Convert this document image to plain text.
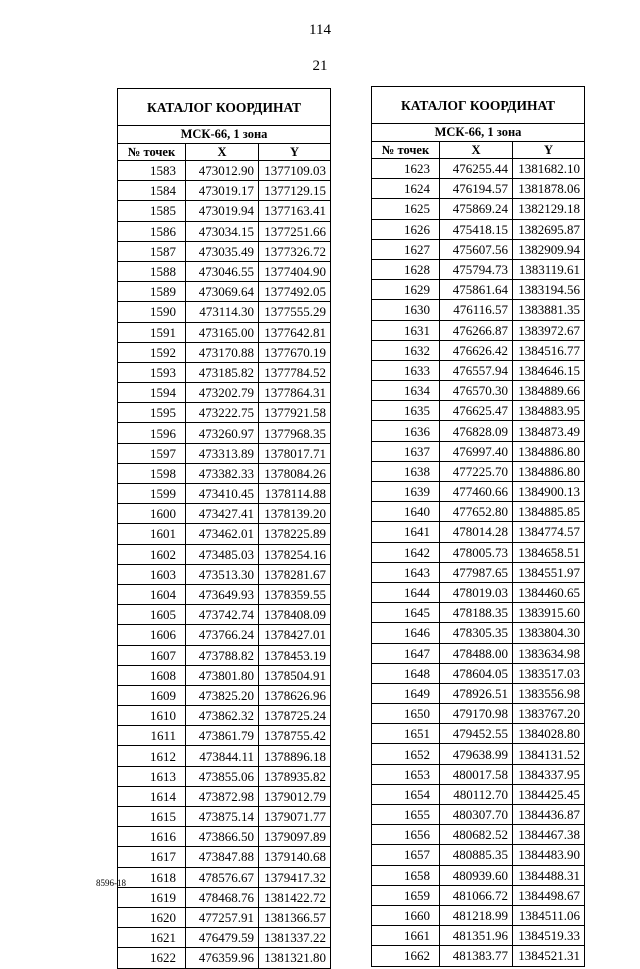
114
21
КАТАЛОГ КООРДИНАТ		
МСК-66, 1 зона		
№ точек	X	Y
1583	473012.90	1377109.03
1584	473019.17	1377129.15
1585	473019.94	1377163.41
1586	473034.15	1377251.66
1587	473035.49	1377326.72
1588	473046.55	1377404.90
1589	473069.64	1377492.05
1590	473114.30	1377555.29
1591	473165.00	1377642.81
1592	473170.88	1377670.19
1593	473185.82	1377784.52
1594	473202.79	1377864.31
1595	473222.75	1377921.58
1596	473260.97	1377968.35
1597	473313.89	1378017.71
1598	473382.33	1378084.26
1599	473410.45	1378114.88
1600	473427.41	1378139.20
1601	473462.01	1378225.89
1602	473485.03	1378254.16
1603	473513.30	1378281.67
1604	473649.93	1378359.55
1605	473742.74	1378408.09
1606	473766.24	1378427.01
1607	473788.82	1378453.19
1608	473801.80	1378504.91
1609	473825.20	1378626.96
1610	473862.32	1378725.24
1611	473861.79	1378755.42
1612	473844.11	1378896.18
1613	473855.06	1378935.82
1614	473872.98	1379012.79
1615	473875.14	1379071.77
1616	473866.50	1379097.89
1617	473847.88	1379140.68
1618	478576.67	1379417.32
1619	478468.76	1381422.72
1620	477257.91	1381366.57
1621	476479.59	1381337.22
1622	476359.96	1381321.80
КАТАЛОГ КООРДИНАТ		
МСК-66, 1 зона		
№ точек	X	Y
1623	476255.44	1381682.10
1624	476194.57	1381878.06
1625	475869.24	1382129.18
1626	475418.15	1382695.87
1627	475607.56	1382909.94
1628	475794.73	1383119.61
1629	475861.64	1383194.56
1630	476116.57	1383881.35
1631	476266.87	1383972.67
1632	476626.42	1384516.77
1633	476557.94	1384646.15
1634	476570.30	1384889.66
1635	476625.47	1384883.95
1636	476828.09	1384873.49
1637	476997.40	1384886.80
1638	477225.70	1384886.80
1639	477460.66	1384900.13
1640	477652.80	1384885.85
1641	478014.28	1384774.57
1642	478005.73	1384658.51
1643	477987.65	1384551.97
1644	478019.03	1384460.65
1645	478188.35	1383915.60
1646	478305.35	1383804.30
1647	478488.00	1383634.98
1648	478604.05	1383517.03
1649	478926.51	1383556.98
1650	479170.98	1383767.20
1651	479452.55	1384028.80
1652	479638.99	1384131.52
1653	480017.58	1384337.95
1654	480112.70	1384425.45
1655	480307.70	1384436.87
1656	480682.52	1384467.38
1657	480885.35	1384483.90
1658	480939.60	1384488.31
1659	481066.72	1384498.67
1660	481218.99	1384511.06
1661	481351.96	1384519.33
1662	481383.77	1384521.31
8596-18
